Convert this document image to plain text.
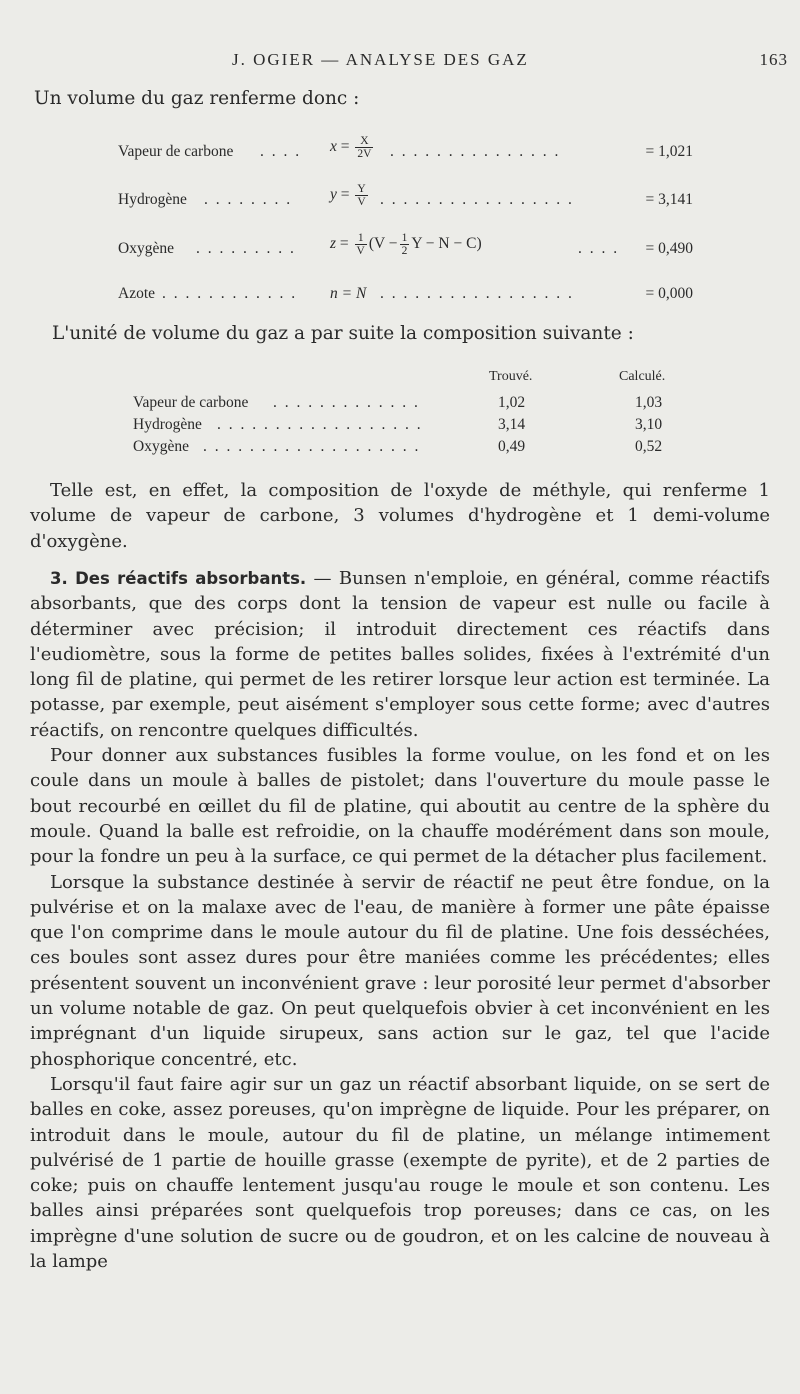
J. OGIER — ANALYSE DES GAZ	163
Un volume du gaz renferme donc :
Vapeur de carbone . . . . $x = \frac{X}{2V}$ . . . . . . . . . . . . . . .	= 1,021
Hydrogène . . . . . . . . $y = \frac{Y}{V}$ . . . . . . . . . . . . . . . . .	= 3,141
Oxygène . . . . . . . . . $z = \frac{1}{V} (V - \frac{1}{2}$ Y − N − C)	. . . . = 0,490
Azote . . . . . . . . . . . . n = N . . . . . . . . . . . . . . . . .	= 0,000
L'unité de volume du gaz a par suite la composition suivante :
Trouvé.	Calculé.
Vapeur de carbone . . . . . . . . . . . . .	1,02	1,03
Hydrogène . . . . . . . . . . . . . . . . . .	3,14	3,10
Oxygène . . . . . . . . . . . . . . . . . . .	0,49	0,52

Telle est, en effet, la composition de l'oxyde de méthyle, qui renferme 1 volume de vapeur de carbone, 3 volumes d'hydrogène et 1 demi-volume d'oxygène.

3. Des réactifs absorbants. — Bunsen n'emploie, en général, comme réactifs absorbants, que des corps dont la tension de vapeur est nulle ou facile à déterminer avec précision; il introduit directement ces réactifs dans l'eudiomètre, sous la forme de petites balles solides, fixées à l'extrémité d'un long fil de platine, qui permet de les retirer lorsque leur action est terminée. La potasse, par exemple, peut aisément s'employer sous cette forme; avec d'autres réactifs, on rencontre quelques difficultés.

Pour donner aux substances fusibles la forme voulue, on les fond et on les coule dans un moule à balles de pistolet; dans l'ouverture du moule passe le bout recourbé en œillet du fil de platine, qui aboutit au centre de la sphère du moule. Quand la balle est refroidie, on la chauffe modérément dans son moule, pour la fondre un peu à la surface, ce qui permet de la détacher plus facilement.

Lorsque la substance destinée à servir de réactif ne peut être fondue, on la pulvérise et on la malaxe avec de l'eau, de manière à former une pâte épaisse que l'on comprime dans le moule autour du fil de platine. Une fois desséchées, ces boules sont assez dures pour être maniées comme les précédentes; elles présentent souvent un inconvénient grave : leur porosité leur permet d'absorber un volume notable de gaz. On peut quelquefois obvier à cet inconvénient en les imprégnant d'un liquide sirupeux, sans action sur le gaz, tel que l'acide phosphorique concentré, etc.

Lorsqu'il faut faire agir sur un gaz un réactif absorbant liquide, on se sert de balles en coke, assez poreuses, qu'on imprègne de liquide. Pour les préparer, on introduit dans le moule, autour du fil de platine, un mélange intimement pulvérisé de 1 partie de houille grasse (exempte de pyrite), et de 2 parties de coke; puis on chauffe lentement jusqu'au rouge le moule et son contenu. Les balles ainsi préparées sont quelquefois trop poreuses; dans ce cas, on les imprègne d'une solution de sucre ou de goudron, et on les calcine de nouveau à la lampe
